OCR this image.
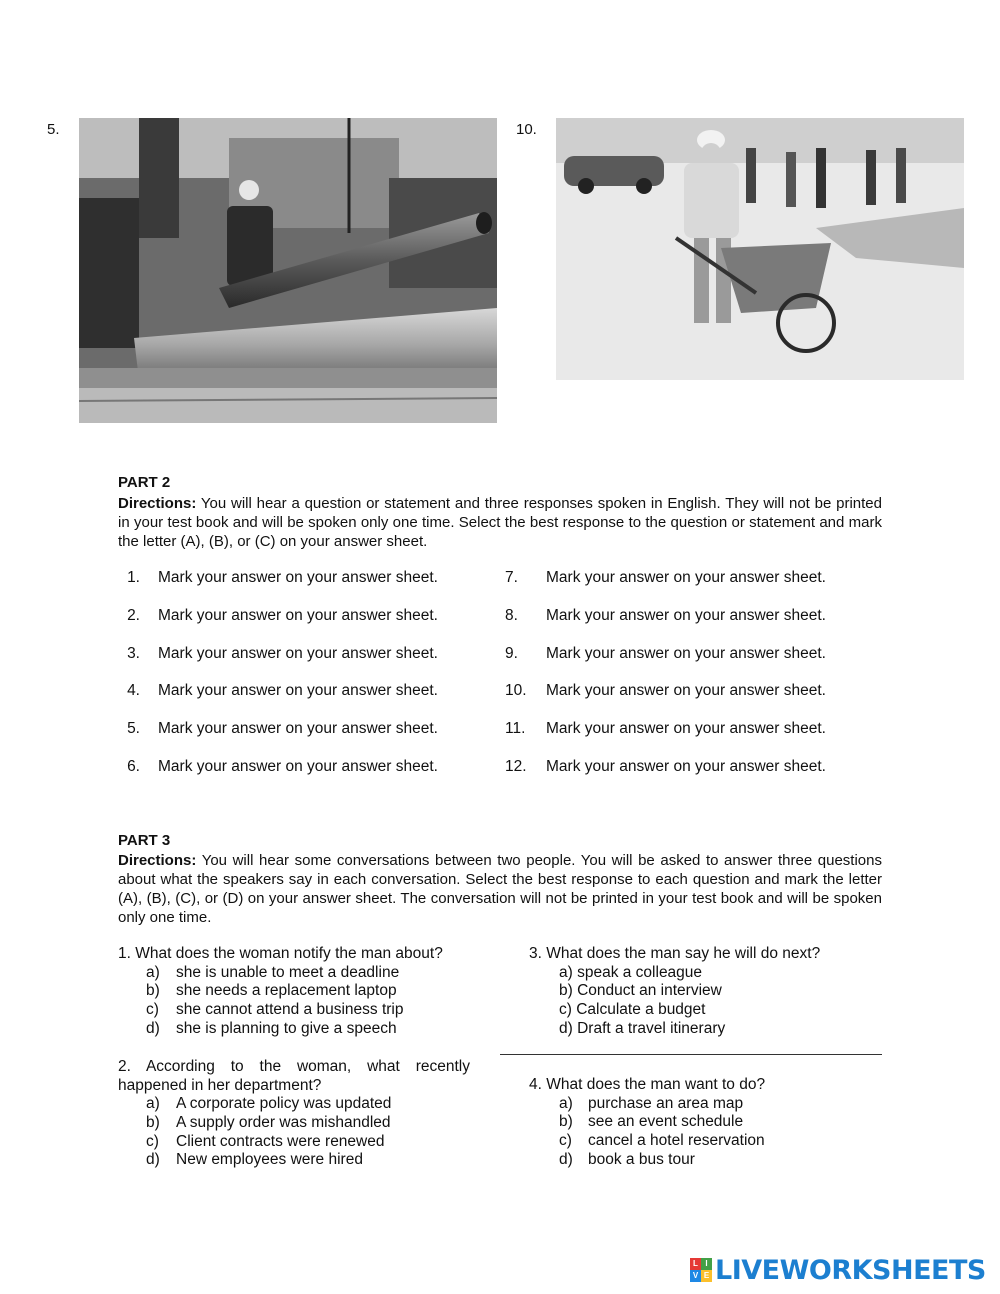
5.	10.
PART 2
Directions: You will hear a question or statement and three responses spoken in English. They will not be printed in your test book and will be spoken only one time. Select the best response to the question or statement and mark the letter (A), (B), or (C) on your answer sheet.
1. Mark your answer on your answer sheet.
2. Mark your answer on your answer sheet.
3. Mark your answer on your answer sheet.
4. Mark your answer on your answer sheet.
5. Mark your answer on your answer sheet.
6. Mark your answer on your answer sheet.
7. Mark your answer on your answer sheet.
8. Mark your answer on your answer sheet.
9. Mark your answer on your answer sheet.
10. Mark your answer on your answer sheet.
11. Mark your answer on your answer sheet.
12. Mark your answer on your answer sheet.
PART 3
Directions: You will hear some conversations between two people. You will be asked to answer three questions about what the speakers say in each conversation. Select the best response to each question and mark the letter (A), (B), (C), or (D) on your answer sheet. The conversation will not be printed in your test book and will be spoken only one time.
1. What does the woman notify the man about?
a) she is unable to meet a deadline
b) she needs a replacement laptop
c) she cannot attend a business trip
d) she is planning to give a speech
2. According to the woman, what recently
happened in her department?
a) A corporate policy was updated
b) A supply order was mishandled
c) Client contracts were renewed
d) New employees were hired
3. What does the man say he will do next?
a) speak a colleague
b) Conduct an interview
c) Calculate a budget
d) Draft a travel itinerary
4. What does the man want to do?
a) purchase an area map
b) see an event schedule
c) cancel a hotel reservation
d) book a bus tour
L I
V E LIVEWORKSHEETS
